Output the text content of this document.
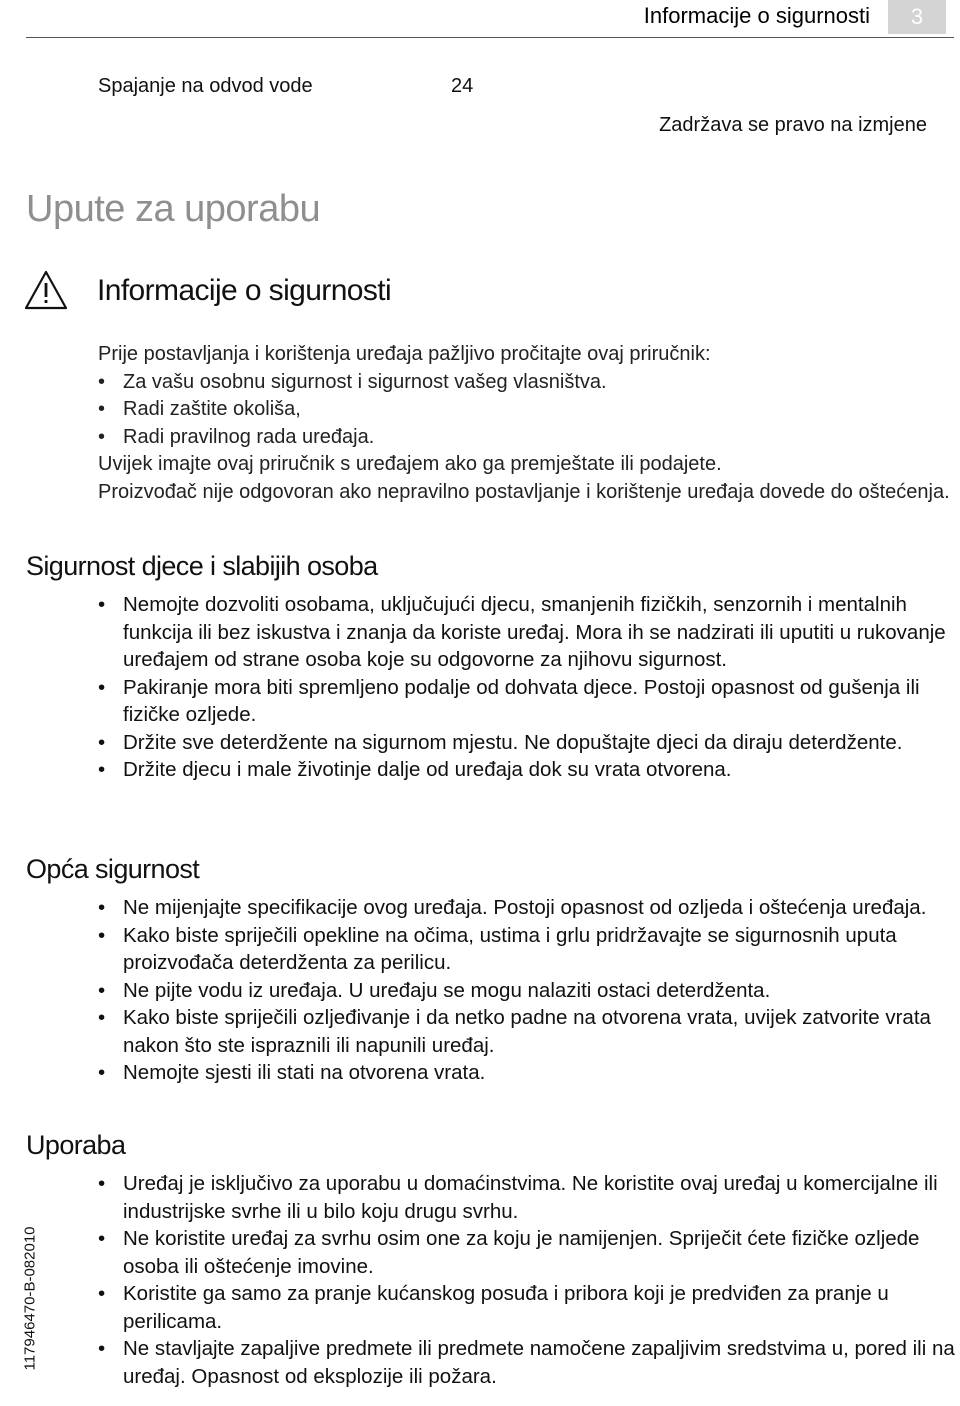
Informacije o sigurnosti 3
Spajanje na odvod vode	24
Zadržava se pravo na izmjene
Upute za uporabu
Informacije o sigurnosti
Prije postavljanja i korištenja uređaja pažljivo pročitajte ovaj priručnik:
• Za vašu osobnu sigurnost i sigurnost vašeg vlasništva.
• Radi zaštite okoliša,
• Radi pravilnog rada uređaja.
Uvijek imajte ovaj priručnik s uređajem ako ga premještate ili podajete.
Proizvođač nije odgovoran ako nepravilno postavljanje i korištenje uređaja dovede do oštećenja.
Sigurnost djece i slabijih osoba
• Nemojte dozvoliti osobama, uključujući djecu, smanjenih fizičkih, senzornih i mentalnih funkcija ili bez iskustva i znanja da koriste uređaj. Mora ih se nadzirati ili uputiti u rukovanje uređajem od strane osoba koje su odgovorne za njihovu sigurnost.
• Pakiranje mora biti spremljeno podalje od dohvata djece. Postoji opasnost od gušenja ili fizičke ozljede.
• Držite sve deterdžente na sigurnom mjestu. Ne dopuštajte djeci da diraju deterdžente.
• Držite djecu i male životinje dalje od uređaja dok su vrata otvorena.
Opća sigurnost
• Ne mijenjajte specifikacije ovog uređaja. Postoji opasnost od ozljeda i oštećenja uređaja.
• Kako biste spriječili opekline na očima, ustima i grlu pridržavajte se sigurnosnih uputa proizvođača deterdženta za perilicu.
• Ne pijte vodu iz uređaja. U uređaju se mogu nalaziti ostaci deterdženta.
• Kako biste spriječili ozljeđivanje i da netko padne na otvorena vrata, uvijek zatvorite vrata nakon što ste ispraznili ili napunili uređaj.
• Nemojte sjesti ili stati na otvorena vrata.
Uporaba
• Uređaj je isključivo za uporabu u domaćinstvima. Ne koristite ovaj uređaj u komercijalne ili industrijske svrhe ili u bilo koju drugu svrhu.
• Ne koristite uređaj za svrhu osim one za koju je namijenjen. Spriječit ćete fizičke ozljede osoba ili oštećenje imovine.
• Koristite ga samo za pranje kućanskog posuđa i pribora koji je predviđen za pranje u perilicama.
• Ne stavljajte zapaljive predmete ili predmete namočene zapaljivim sredstvima u, pored ili na uređaj. Opasnost od eksplozije ili požara.
117946470-B-082010
